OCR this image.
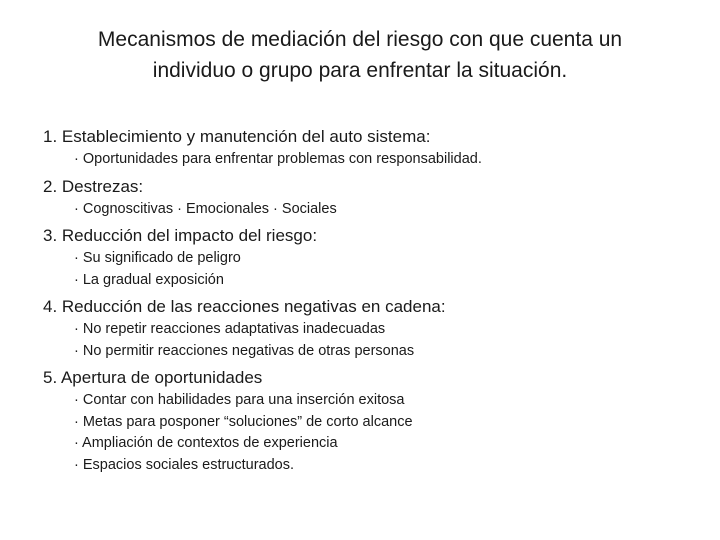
Mecanismos de mediación del riesgo con que cuenta un
individuo o grupo para enfrentar la situación.
1. Establecimiento y manutención del auto sistema:
· Oportunidades para enfrentar problemas con responsabilidad.
2. Destrezas:
· Cognoscitivas · Emocionales · Sociales
3. Reducción del impacto del riesgo:
· Su significado de peligro
· La gradual exposición
4. Reducción de las reacciones negativas en cadena:
· No repetir reacciones adaptativas inadecuadas
· No permitir reacciones negativas de otras personas
5. Apertura de oportunidades
· Contar con habilidades para una inserción exitosa
· Metas para posponer “soluciones” de corto alcance
· Ampliación de contextos de experiencia
· Espacios sociales estructurados.
